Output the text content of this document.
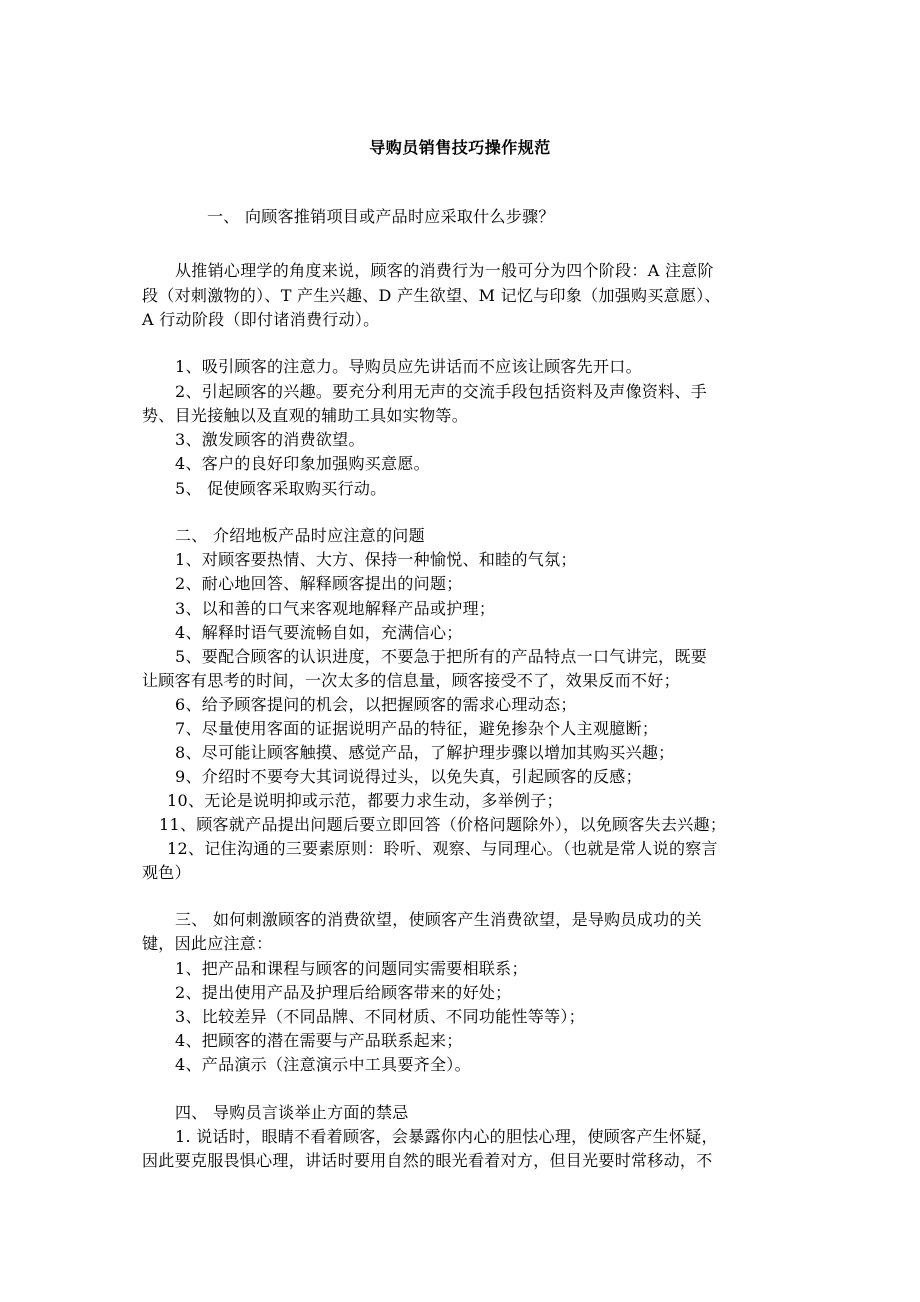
导购员销售技巧操作规范
一、 向顾客推销项目或产品时应采取什么步骤？
从推销心理学的角度来说，顾客的消费行为一般可分为四个阶段：A 注意阶
段（对刺激物的）、T 产生兴趣、D 产生欲望、M 记忆与印象（加强购买意愿）、
A 行动阶段（即付诸消费行动）。
1、吸引顾客的注意力。导购员应先讲话而不应该让顾客先开口。
2、引起顾客的兴趣。要充分利用无声的交流手段包括资料及声像资料、手
势、目光接触以及直观的辅助工具如实物等。
3、激发顾客的消费欲望。
4、客户的良好印象加强购买意愿。
5、 促使顾客采取购买行动。
二、 介绍地板产品时应注意的问题
1、对顾客要热情、大方、保持一种愉悦、和睦的气氛；
2、耐心地回答、解释顾客提出的问题；
3、以和善的口气来客观地解释产品或护理；
4、解释时语气要流畅自如，充满信心；
5、要配合顾客的认识进度，不要急于把所有的产品特点一口气讲完，既要
让顾客有思考的时间，一次太多的信息量，顾客接受不了，效果反而不好；
6、给予顾客提问的机会，以把握顾客的需求心理动态；
7、尽量使用客面的证据说明产品的特征，避免掺杂个人主观臆断；
8、尽可能让顾客触摸、感觉产品，了解护理步骤以增加其购买兴趣；
9、介绍时不要夸大其词说得过头，以免失真，引起顾客的反感；
10、无论是说明抑或示范，都要力求生动，多举例子；
11、顾客就产品提出问题后要立即回答（价格问题除外），以免顾客失去兴趣；
12、记住沟通的三要素原则：聆听、观察、与同理心。（也就是常人说的察言
观色）
三、 如何刺激顾客的消费欲望，使顾客产生消费欲望，是导购员成功的关
键，因此应注意：
1、把产品和课程与顾客的问题同实需要相联系；
2、提出使用产品及护理后给顾客带来的好处；
3、比较差异（不同品牌、不同材质、不同功能性等等）；
4、把顾客的潜在需要与产品联系起来；
4、产品演示（注意演示中工具要齐全）。
四、 导购员言谈举止方面的禁忌
1. 说话时，眼睛不看着顾客，会暴露你内心的胆怯心理，使顾客产生怀疑，
因此要克服畏惧心理，讲话时要用自然的眼光看着对方，但目光要时常移动，不
